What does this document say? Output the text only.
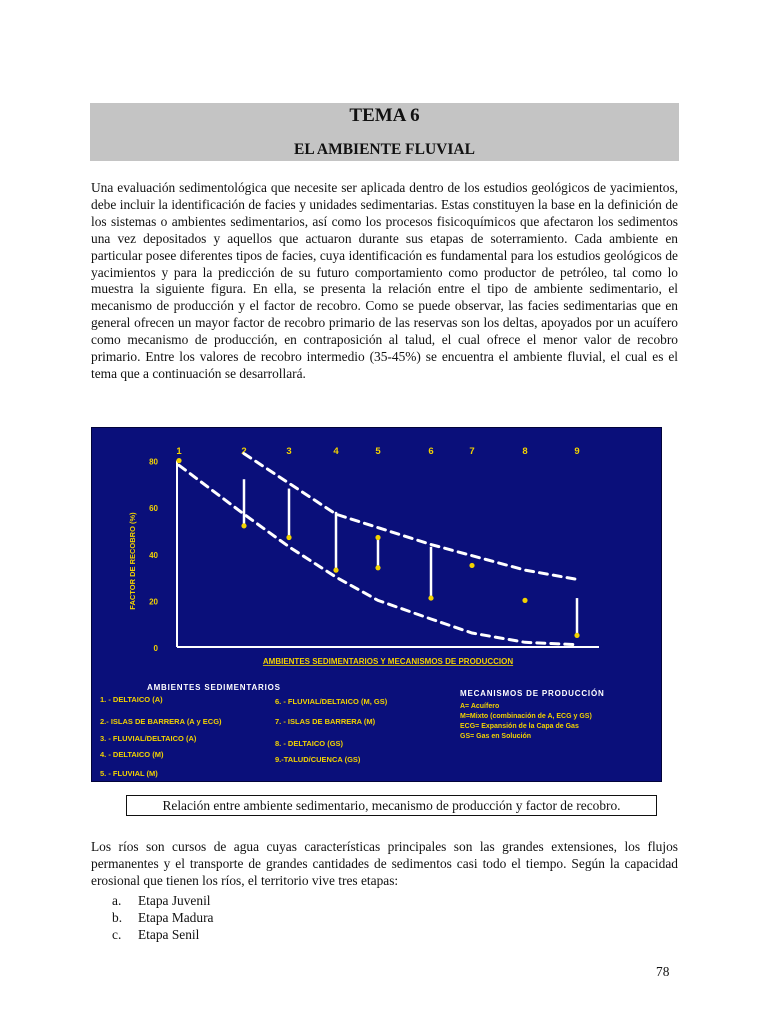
TEMA 6
EL AMBIENTE FLUVIAL

Una evaluación sedimentológica que necesite ser aplicada dentro de los estudios geológicos de yacimientos, debe incluir la identificación de facies y unidades sedimentarias. Estas constituyen la base en la definición de los sistemas o ambientes sedimentarios, así como los procesos fisicoquímicos que afectaron los sedimentos una vez depositados y aquellos que actuaron durante sus etapas de soterramiento. Cada ambiente en particular posee diferentes tipos de facies, cuya identificación es fundamental para los estudios geológicos de yacimientos y para la predicción de su futuro comportamiento como productor de petróleo, tal como lo muestra la siguiente figura. En ella, se presenta la relación entre el tipo de ambiente sedimentario, el mecanismo de producción y el factor de recobro. Como se puede observar, las facies sedimentarias que en general ofrecen un mayor factor de recobro primario de las reservas son los deltas, apoyados por un acuífero como mecanismo de producción, en contraposición al talud, el cual ofrece el menor valor de recobro primario. Entre los valores de recobro intermedio (35-45%) se encuentra el ambiente fluvial, el cual es el tema que a continuación se desarrollará.

0
20
40
60
80
1	2	3	4	5	6	7	8	9
FACTOR DE RECOBRO (%)
AMBIENTES SEDIMENTARIOS Y MECANISMOS DE PRODUCCION
AMBIENTES SEDIMENTARIOS
1. - DELTAICO (A)
2.- ISLAS DE BARRERA (A y ECG)
3. - FLUVIAL/DELTAICO (A)
4. - DELTAICO (M)
5. - FLUVIAL (M)
6. - FLUVIAL/DELTAICO (M, GS)
7. - ISLAS DE BARRERA (M)
8. - DELTAICO (GS)
9.-TALUD/CUENCA (GS)
MECANISMOS DE PRODUCCIÓN
A= Acuífero
M=Mixto (combinación de A, ECG y GS)
ECG= Expansión de la Capa de Gas
GS= Gas en Solución
Relación entre ambiente sedimentario, mecanismo de producción y factor de recobro.

Los ríos son cursos de agua cuyas características principales son las grandes extensiones, los flujos permanentes y el transporte de grandes cantidades de sedimentos casi todo el tiempo. Según la capacidad erosional que tienen los ríos, el territorio vive tres etapas:

a.	Etapa Juvenil
b.	Etapa Madura
c.	Etapa Senil
78
